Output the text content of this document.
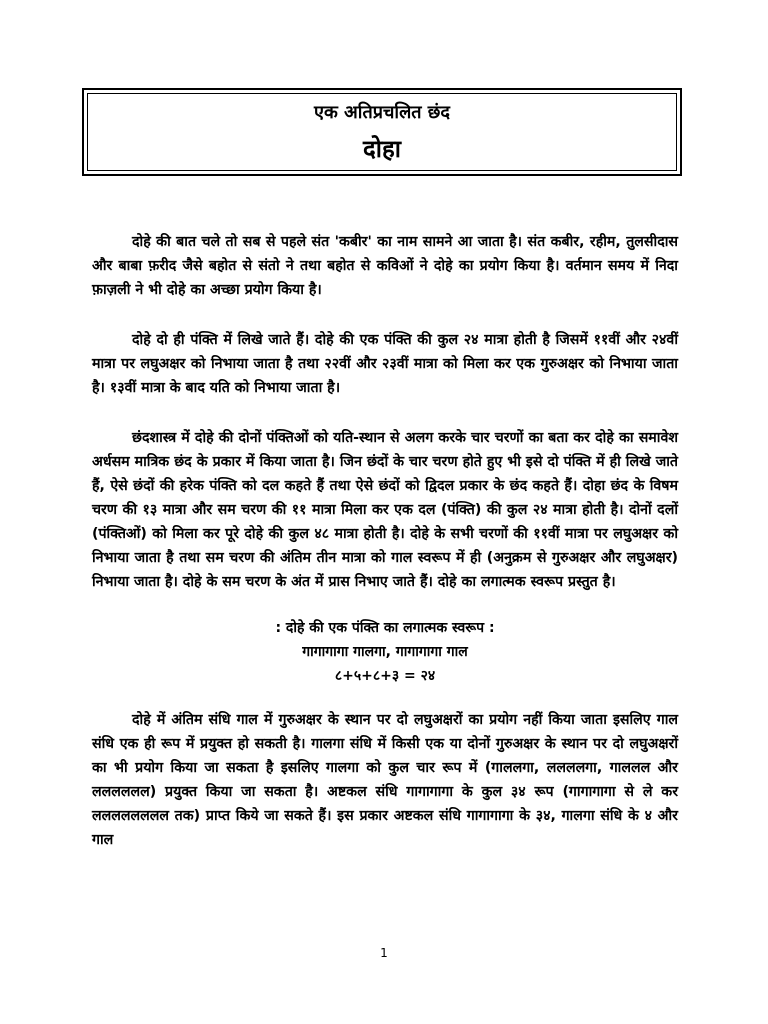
एक अतिप्रचलित छंद
दोहा

दोहे की बात चले तो सब से पहले संत 'कबीर' का नाम सामने आ जाता है। संत कबीर, रहीम, तुलसीदास और बाबा फ़रीद जैसे बहोत से संतो ने तथा बहोत से कविओं ने दोहे का प्रयोग किया है। वर्तमान समय में निदा फ़ाज़ली ने भी दोहे का अच्छा प्रयोग किया है।

दोहे दो ही पंक्ति में लिखे जाते हैं। दोहे की एक पंक्ति की कुल २४ मात्रा होती है जिसमें ११वीं और २४वीं मात्रा पर लघुअक्षर को निभाया जाता है तथा २२वीं और २३वीं मात्रा को मिला कर एक गुरुअक्षर को निभाया जाता है। १३वीं मात्रा के बाद यति को निभाया जाता है।

छंदशास्त्र में दोहे की दोनों पंक्तिओं को यति-स्थान से अलग करके चार चरणों का बता कर दोहे का समावेश अर्धसम मात्रिक छंद के प्रकार में किया जाता है। जिन छंदों के चार चरण होते हुए भी इसे दो पंक्ति में ही लिखे जाते हैं, ऐसे छंदों की हरेक पंक्ति को दल कहते हैं तथा ऐसे छंदों को द्विदल प्रकार के छंद कहते हैं। दोहा छंद के विषम चरण की १३ मात्रा और सम चरण की ११ मात्रा मिला कर एक दल (पंक्ति) की कुल २४ मात्रा होती है। दोनों दलों (पंक्तिओं) को मिला कर पूरे दोहे की कुल ४८ मात्रा होती है। दोहे के सभी चरणों की ११वीं मात्रा पर लघुअक्षर को निभाया जाता है तथा सम चरण की अंतिम तीन मात्रा को गाल स्वरूप में ही (अनुक्रम से गुरुअक्षर और लघुअक्षर) निभाया जाता है। दोहे के सम चरण के अंत में प्रास निभाए जाते हैं। दोहे का लगात्मक स्वरूप प्रस्तुत है।

: दोहे की एक पंक्ति का लगात्मक स्वरूप :
गागागागा गालगा, गागागागा गाल
८+५+८+३ = २४

दोहे में अंतिम संधि गाल में गुरुअक्षर के स्थान पर दो लघुअक्षरों का प्रयोग नहीं किया जाता इसलिए गाल संधि एक ही रूप में प्रयुक्त हो सकती है। गालगा संधि में किसी एक या दोनों गुरुअक्षर के स्थान पर दो लघुअक्षरों का भी प्रयोग किया जा सकता है इसलिए गालगा को कुल चार रूप में (गाललगा, ललललगा, गाललल और लललललल) प्रयुक्त किया जा सकता है। अष्टकल संधि गागागागा के कुल ३४ रूप (गागागागा से ले कर लललललललल तक) प्राप्त किये जा सकते हैं। इस प्रकार अष्टकल संधि गागागागा के ३४, गालगा संधि के ४ और गाल

1
